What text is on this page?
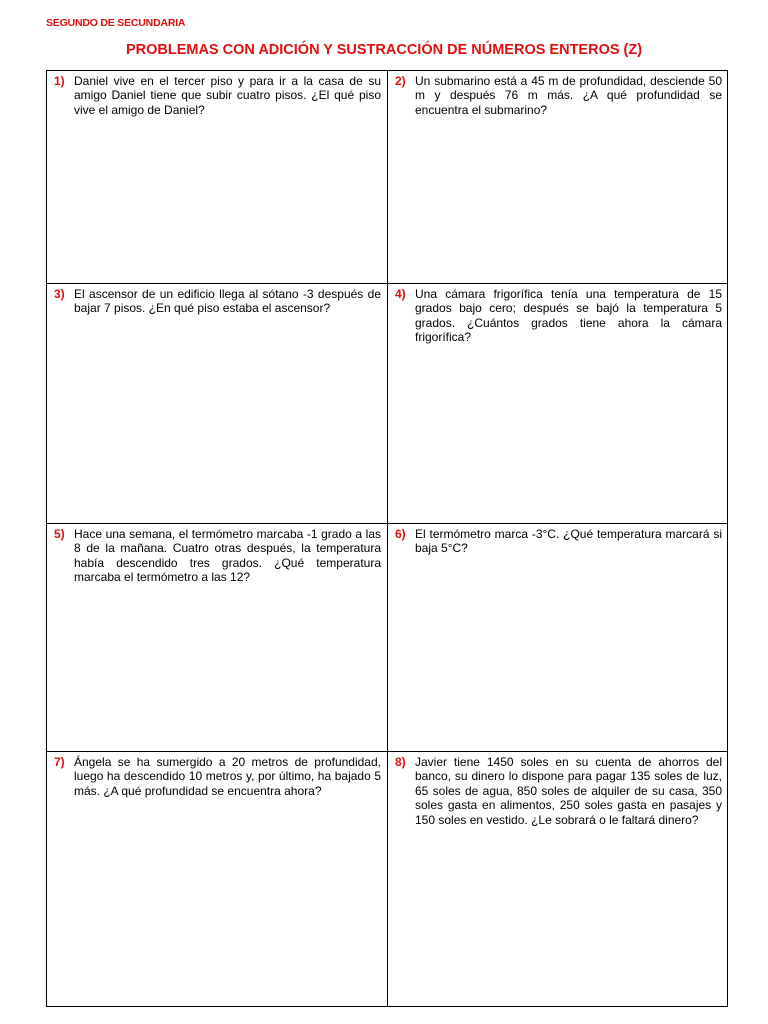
SEGUNDO DE SECUNDARIA
PROBLEMAS CON ADICIÓN Y SUSTRACCIÓN DE NÚMEROS ENTEROS (Z)
1) Daniel vive en el tercer piso y para ir a la casa de su amigo Daniel tiene que subir cuatro pisos. ¿El qué piso vive el amigo de Daniel?
2) Un submarino está a 45 m de profundidad, desciende 50 m y después 76 m más. ¿A qué profundidad se encuentra el submarino?
3) El ascensor de un edificio llega al sótano -3 después de bajar 7 pisos. ¿En qué piso estaba el ascensor?
4) Una cámara frigorífica tenía una temperatura de 15 grados bajo cero; después se bajó la temperatura 5 grados. ¿Cuántos grados tiene ahora la cámara frigorífica?
5) Hace una semana, el termómetro marcaba -1 grado a las 8 de la mañana. Cuatro otras después, la temperatura había descendido tres grados. ¿Qué temperatura marcaba el termómetro a las 12?
6) El termómetro marca -3°C. ¿Qué temperatura marcará si baja 5°C?
7) Ángela se ha sumergido a 20 metros de profundidad, luego ha descendido 10 metros y, por último, ha bajado 5 más. ¿A qué profundidad se encuentra ahora?
8) Javier tiene 1450 soles en su cuenta de ahorros del banco, su dinero lo dispone para pagar 135 soles de luz, 65 soles de agua, 850 soles de alquiler de su casa, 350 soles gasta en alimentos, 250 soles gasta en pasajes y 150 soles en vestido. ¿Le sobrará o le faltará dinero?
